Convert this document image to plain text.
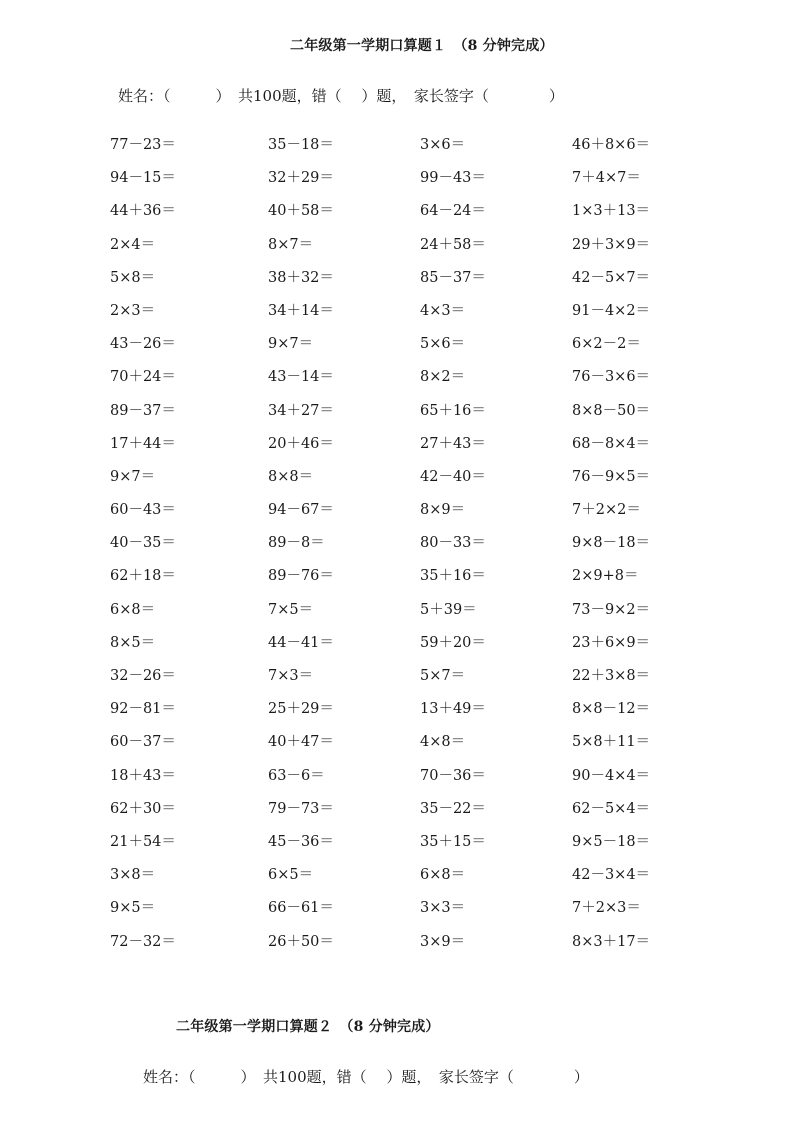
二年级第一学期口算题１　（8 分钟完成）
姓名：（　　　）　共100题，错（　 ）题，　家长签字（　　　　）
77－23＝	35－18＝	3×6＝	46＋8×6＝
94－15＝	32＋29＝	99－43＝	7＋4×7＝
44＋36＝	40＋58＝	64－24＝	1×3＋13＝
2×4＝	8×7＝	24＋58＝	29＋3×9＝
5×8＝	38＋32＝	85－37＝	42－5×7＝
2×3＝	34＋14＝	4×3＝	91－4×2＝
43－26＝	9×7＝	5×6＝	6×2－2＝
70＋24＝	43－14＝	8×2＝	76－3×6＝
89－37＝	34＋27＝	65＋16＝	8×8－50＝
17＋44＝	20＋46＝	27＋43＝	68－8×4＝
9×7＝	8×8＝	42－40＝	76－9×5＝
60－43＝	94－67＝	8×9＝	7＋2×2＝
40－35＝	89－8＝	80－33＝	9×8－18＝
62＋18＝	89－76＝	35＋16＝	2×9+8＝
6×8＝	7×5＝	5＋39＝	73－9×2＝
8×5＝	44－41＝	59＋20＝	23＋6×9＝
32－26＝	7×3＝	5×7＝	22＋3×8＝
92－81＝	25＋29＝	13＋49＝	8×8－12＝
60－37＝	40＋47＝	4×8＝	5×8＋11＝
18＋43＝	63－6＝	70－36＝	90－4×4＝
62＋30＝	79－73＝	35－22＝	62－5×4＝
21＋54＝	45－36＝	35＋15＝	9×5－18＝
3×8＝	6×5＝	6×8＝	42－3×4＝
9×5＝	66－61＝	3×3＝	7＋2×3＝
72－32＝	26＋50＝	3×9＝	8×3＋17＝
二年级第一学期口算题２　（8 分钟完成）
姓名：（　　　）　共100题，错（　 ）题，　家长签字（　　　　）
